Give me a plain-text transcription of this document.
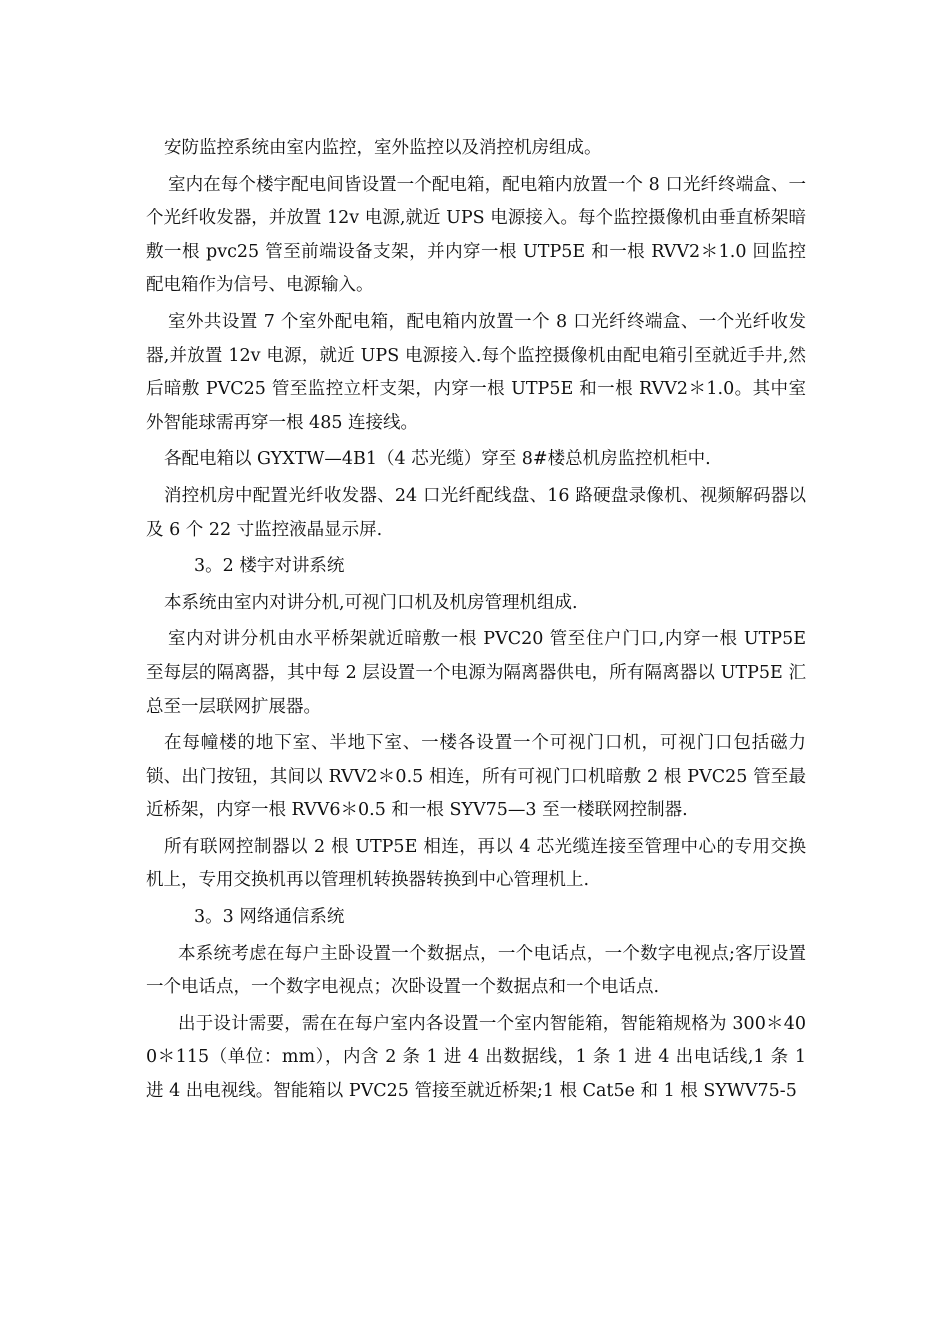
安防监控系统由室内监控，室外监控以及消控机房组成。

室内在每个楼宇配电间皆设置一个配电箱，配电箱内放置一个 8 口光纤终端盒、一个光纤收发器，并放置 12v 电源,就近 UPS 电源接入。每个监控摄像机由垂直桥架暗敷一根 pvc25 管至前端设备支架，并内穿一根 UTP5E 和一根 RVV2＊1.0 回监控配电箱作为信号、电源输入。

室外共设置 7 个室外配电箱，配电箱内放置一个 8 口光纤终端盒、一个光纤收发器,并放置 12v 电源，就近 UPS 电源接入.每个监控摄像机由配电箱引至就近手井,然后暗敷 PVC25 管至监控立杆支架，内穿一根 UTP5E 和一根 RVV2＊1.0。其中室外智能球需再穿一根 485 连接线。

各配电箱以 GYXTW—4B1（4 芯光缆）穿至 8#楼总机房监控机柜中.

消控机房中配置光纤收发器、24 口光纤配线盘、16 路硬盘录像机、视频解码器以及 6 个 22 寸监控液晶显示屏.

3。2 楼宇对讲系统

本系统由室内对讲分机,可视门口机及机房管理机组成.

室内对讲分机由水平桥架就近暗敷一根 PVC20 管至住户门口,内穿一根 UTP5E 至每层的隔离器，其中每 2 层设置一个电源为隔离器供电，所有隔离器以 UTP5E 汇总至一层联网扩展器。

在每幢楼的地下室、半地下室、一楼各设置一个可视门口机，可视门口包括磁力锁、出门按钮，其间以 RVV2＊0.5 相连，所有可视门口机暗敷 2 根 PVC25 管至最近桥架，内穿一根 RVV6＊0.5 和一根 SYV75—3 至一楼联网控制器.

所有联网控制器以 2 根 UTP5E 相连，再以 4 芯光缆连接至管理中心的专用交换机上，专用交换机再以管理机转换器转换到中心管理机上.

3。3 网络通信系统

本系统考虑在每户主卧设置一个数据点，一个电话点，一个数字电视点;客厅设置一个电话点，一个数字电视点；次卧设置一个数据点和一个电话点.

出于设计需要，需在在每户室内各设置一个室内智能箱，智能箱规格为 300＊400＊115（单位：mm），内含 2 条 1 进 4 出数据线，1 条 1 进 4 出电话线,1 条 1 进 4 出电视线。智能箱以 PVC25 管接至就近桥架;1 根 Cat5e 和 1 根 SYWV75-5
